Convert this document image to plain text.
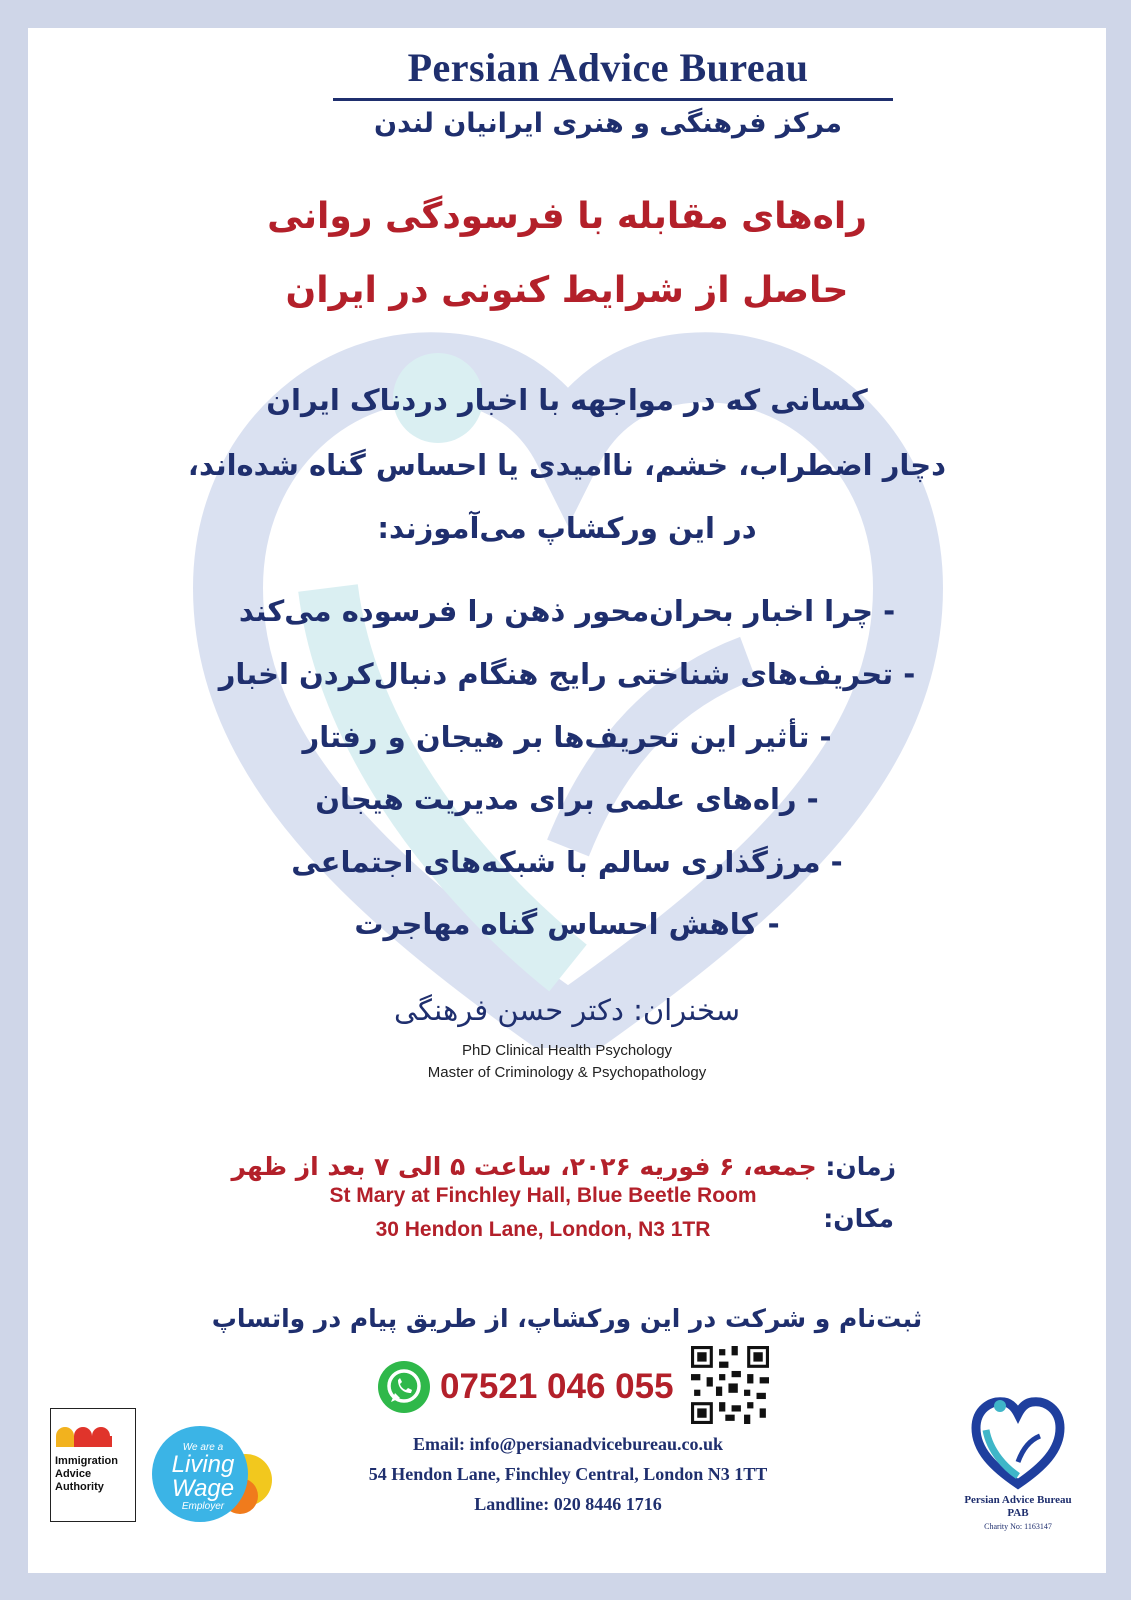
Persian Advice Bureau
مرکز فرهنگی و هنری ایرانیان لندن
راه‌های مقابله با فرسودگی روانی
حاصل از شرایط کنونی در ایران
کسانی که در مواجهه با اخبار دردناک ایران
دچار اضطراب، خشم، ناامیدی یا احساس گناه شده‌اند،
در این ورکشاپ می‌آموزند:
- چرا اخبار بحران‌محور ذهن را فرسوده می‌کند
- تحریف‌های شناختی رایج هنگام دنبال‌کردن اخبار
- تأثیر این تحریف‌ها بر هیجان و رفتار
- راه‌های علمی برای مدیریت هیجان
- مرزگذاری سالم با شبکه‌های اجتماعی
- کاهش احساس گناه مهاجرت
سخنران: دکتر حسن فرهنگی
PhD Clinical Health Psychology
Master of Criminology & Psychopathology
زمان: جمعه، ۶ فوریه ۲۰۲۶، ساعت ۵ الی ۷ بعد از ظهر
مکان:
St Mary at Finchley Hall, Blue Beetle Room
30 Hendon Lane, London, N3 1TR
ثبت‌نام و شرکت در این ورکشاپ، از طریق پیام در واتساپ
07521 046 055
Email: info@persianadvicebureau.co.uk
54 Hendon Lane, Finchley Central, London N3 1TT
Landline: 020 8446 1716
Immigration
Advice
Authority
We are a
Living
Wage
Employer
Persian Advice Bureau
PAB
Charity No: 1163147
